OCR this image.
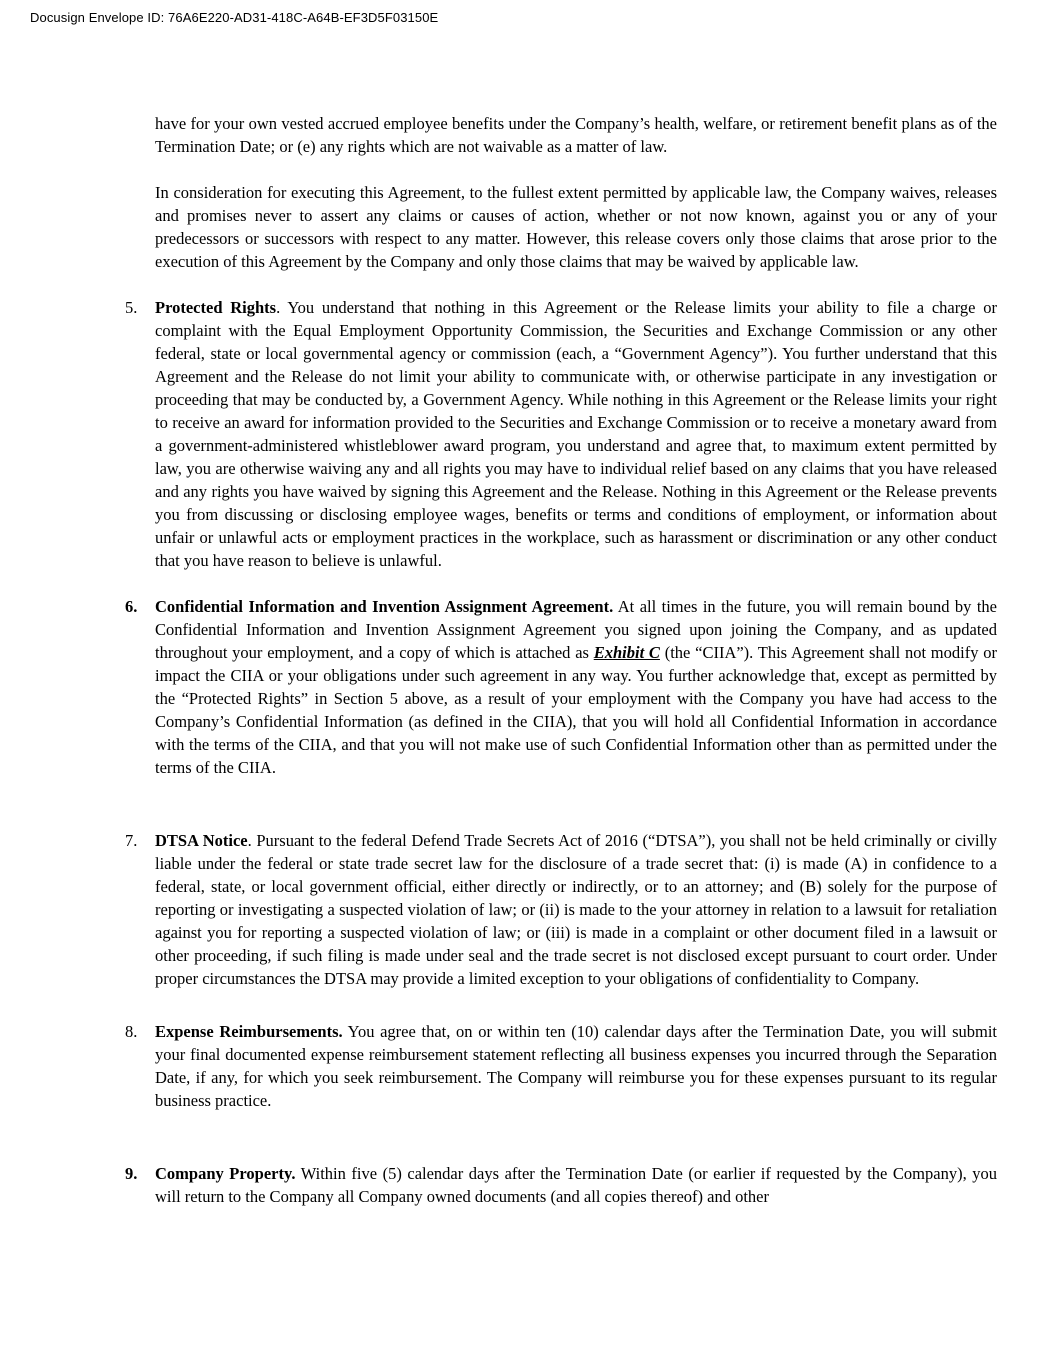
Docusign Envelope ID: 76A6E220-AD31-418C-A64B-EF3D5F03150E

have for your own vested accrued employee benefits under the Company’s health, welfare, or retirement benefit plans as of the Termination Date; or (e) any rights which are not waivable as a matter of law.

In consideration for executing this Agreement, to the fullest extent permitted by applicable law, the Company waives, releases and promises never to assert any claims or causes of action, whether or not now known, against you or any of your predecessors or successors with respect to any matter. However, this release covers only those claims that arose prior to the execution of this Agreement by the Company and only those claims that may be waived by applicable law.

5.	Protected Rights. You understand that nothing in this Agreement or the Release limits your ability to file a charge or complaint with the Equal Employment Opportunity Commission, the Securities and Exchange Commission or any other federal, state or local governmental agency or commission (each, a “Government Agency”). You further understand that this Agreement and the Release do not limit your ability to communicate with, or otherwise participate in any investigation or proceeding that may be conducted by, a Government Agency. While nothing in this Agreement or the Release limits your right to receive an award for information provided to the Securities and Exchange Commission or to receive a monetary award from a government-administered whistleblower award program, you understand and agree that, to maximum extent permitted by law, you are otherwise waiving any and all rights you may have to individual relief based on any claims that you have released and any rights you have waived by signing this Agreement and the Release. Nothing in this Agreement or the Release prevents you from discussing or disclosing employee wages, benefits or terms and conditions of employment, or information about unfair or unlawful acts or employment practices in the workplace, such as harassment or discrimination or any other conduct that you have reason to believe is unlawful.

6.	Confidential Information and Invention Assignment Agreement. At all times in the future, you will remain bound by the Confidential Information and Invention Assignment Agreement you signed upon joining the Company, and as updated throughout your employment, and a copy of which is attached as Exhibit C (the “CIIA”). This Agreement shall not modify or impact the CIIA or your obligations under such agreement in any way. You further acknowledge that, except as permitted by the “Protected Rights” in Section 5 above, as a result of your employment with the Company you have had access to the Company’s Confidential Information (as defined in the CIIA), that you will hold all Confidential Information in accordance with the terms of the CIIA, and that you will not make use of such Confidential Information other than as permitted under the terms of the CIIA.

7.	DTSA Notice. Pursuant to the federal Defend Trade Secrets Act of 2016 (“DTSA”), you shall not be held criminally or civilly liable under the federal or state trade secret law for the disclosure of a trade secret that: (i) is made (A) in confidence to a federal, state, or local government official, either directly or indirectly, or to an attorney; and (B) solely for the purpose of reporting or investigating a suspected violation of law; or (ii) is made to the your attorney in relation to a lawsuit for retaliation against you for reporting a suspected violation of law; or (iii) is made in a complaint or other document filed in a lawsuit or other proceeding, if such filing is made under seal and the trade secret is not disclosed except pursuant to court order. Under proper circumstances the DTSA may provide a limited exception to your obligations of confidentiality to Company.

8.	Expense Reimbursements. You agree that, on or within ten (10) calendar days after the Termination Date, you will submit your final documented expense reimbursement statement reflecting all business expenses you incurred through the Separation Date, if any, for which you seek reimbursement. The Company will reimburse you for these expenses pursuant to its regular business practice.

9.	Company Property. Within five (5) calendar days after the Termination Date (or earlier if requested by the Company), you will return to the Company all Company owned documents (and all copies thereof) and other
